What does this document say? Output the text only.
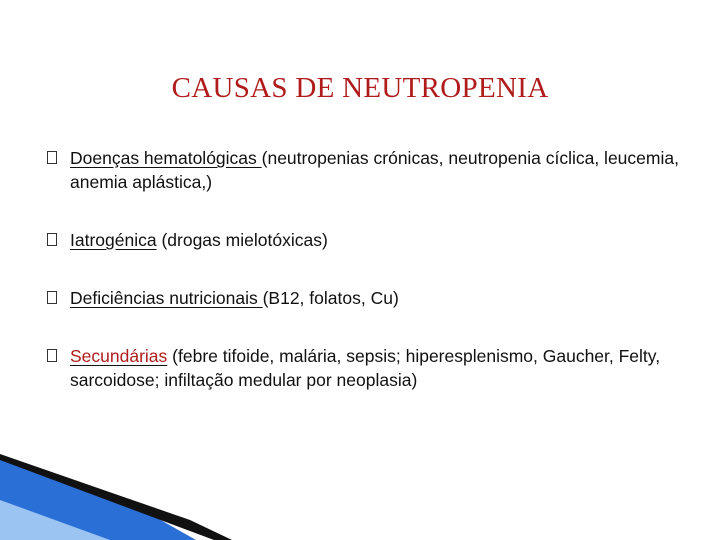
CAUSAS DE NEUTROPENIA
Doenças hematológicas (neutropenias crónicas, neutropenia cíclica, leucemia, anemia aplástica,)
Iatrogénica (drogas mielotóxicas)
Deficiências nutricionais (B12, folatos, Cu)
Secundárias (febre tifoide, malária, sepsis; hiperesplenismo, Gaucher, Felty, sarcoidose; infiltação medular por neoplasia)
